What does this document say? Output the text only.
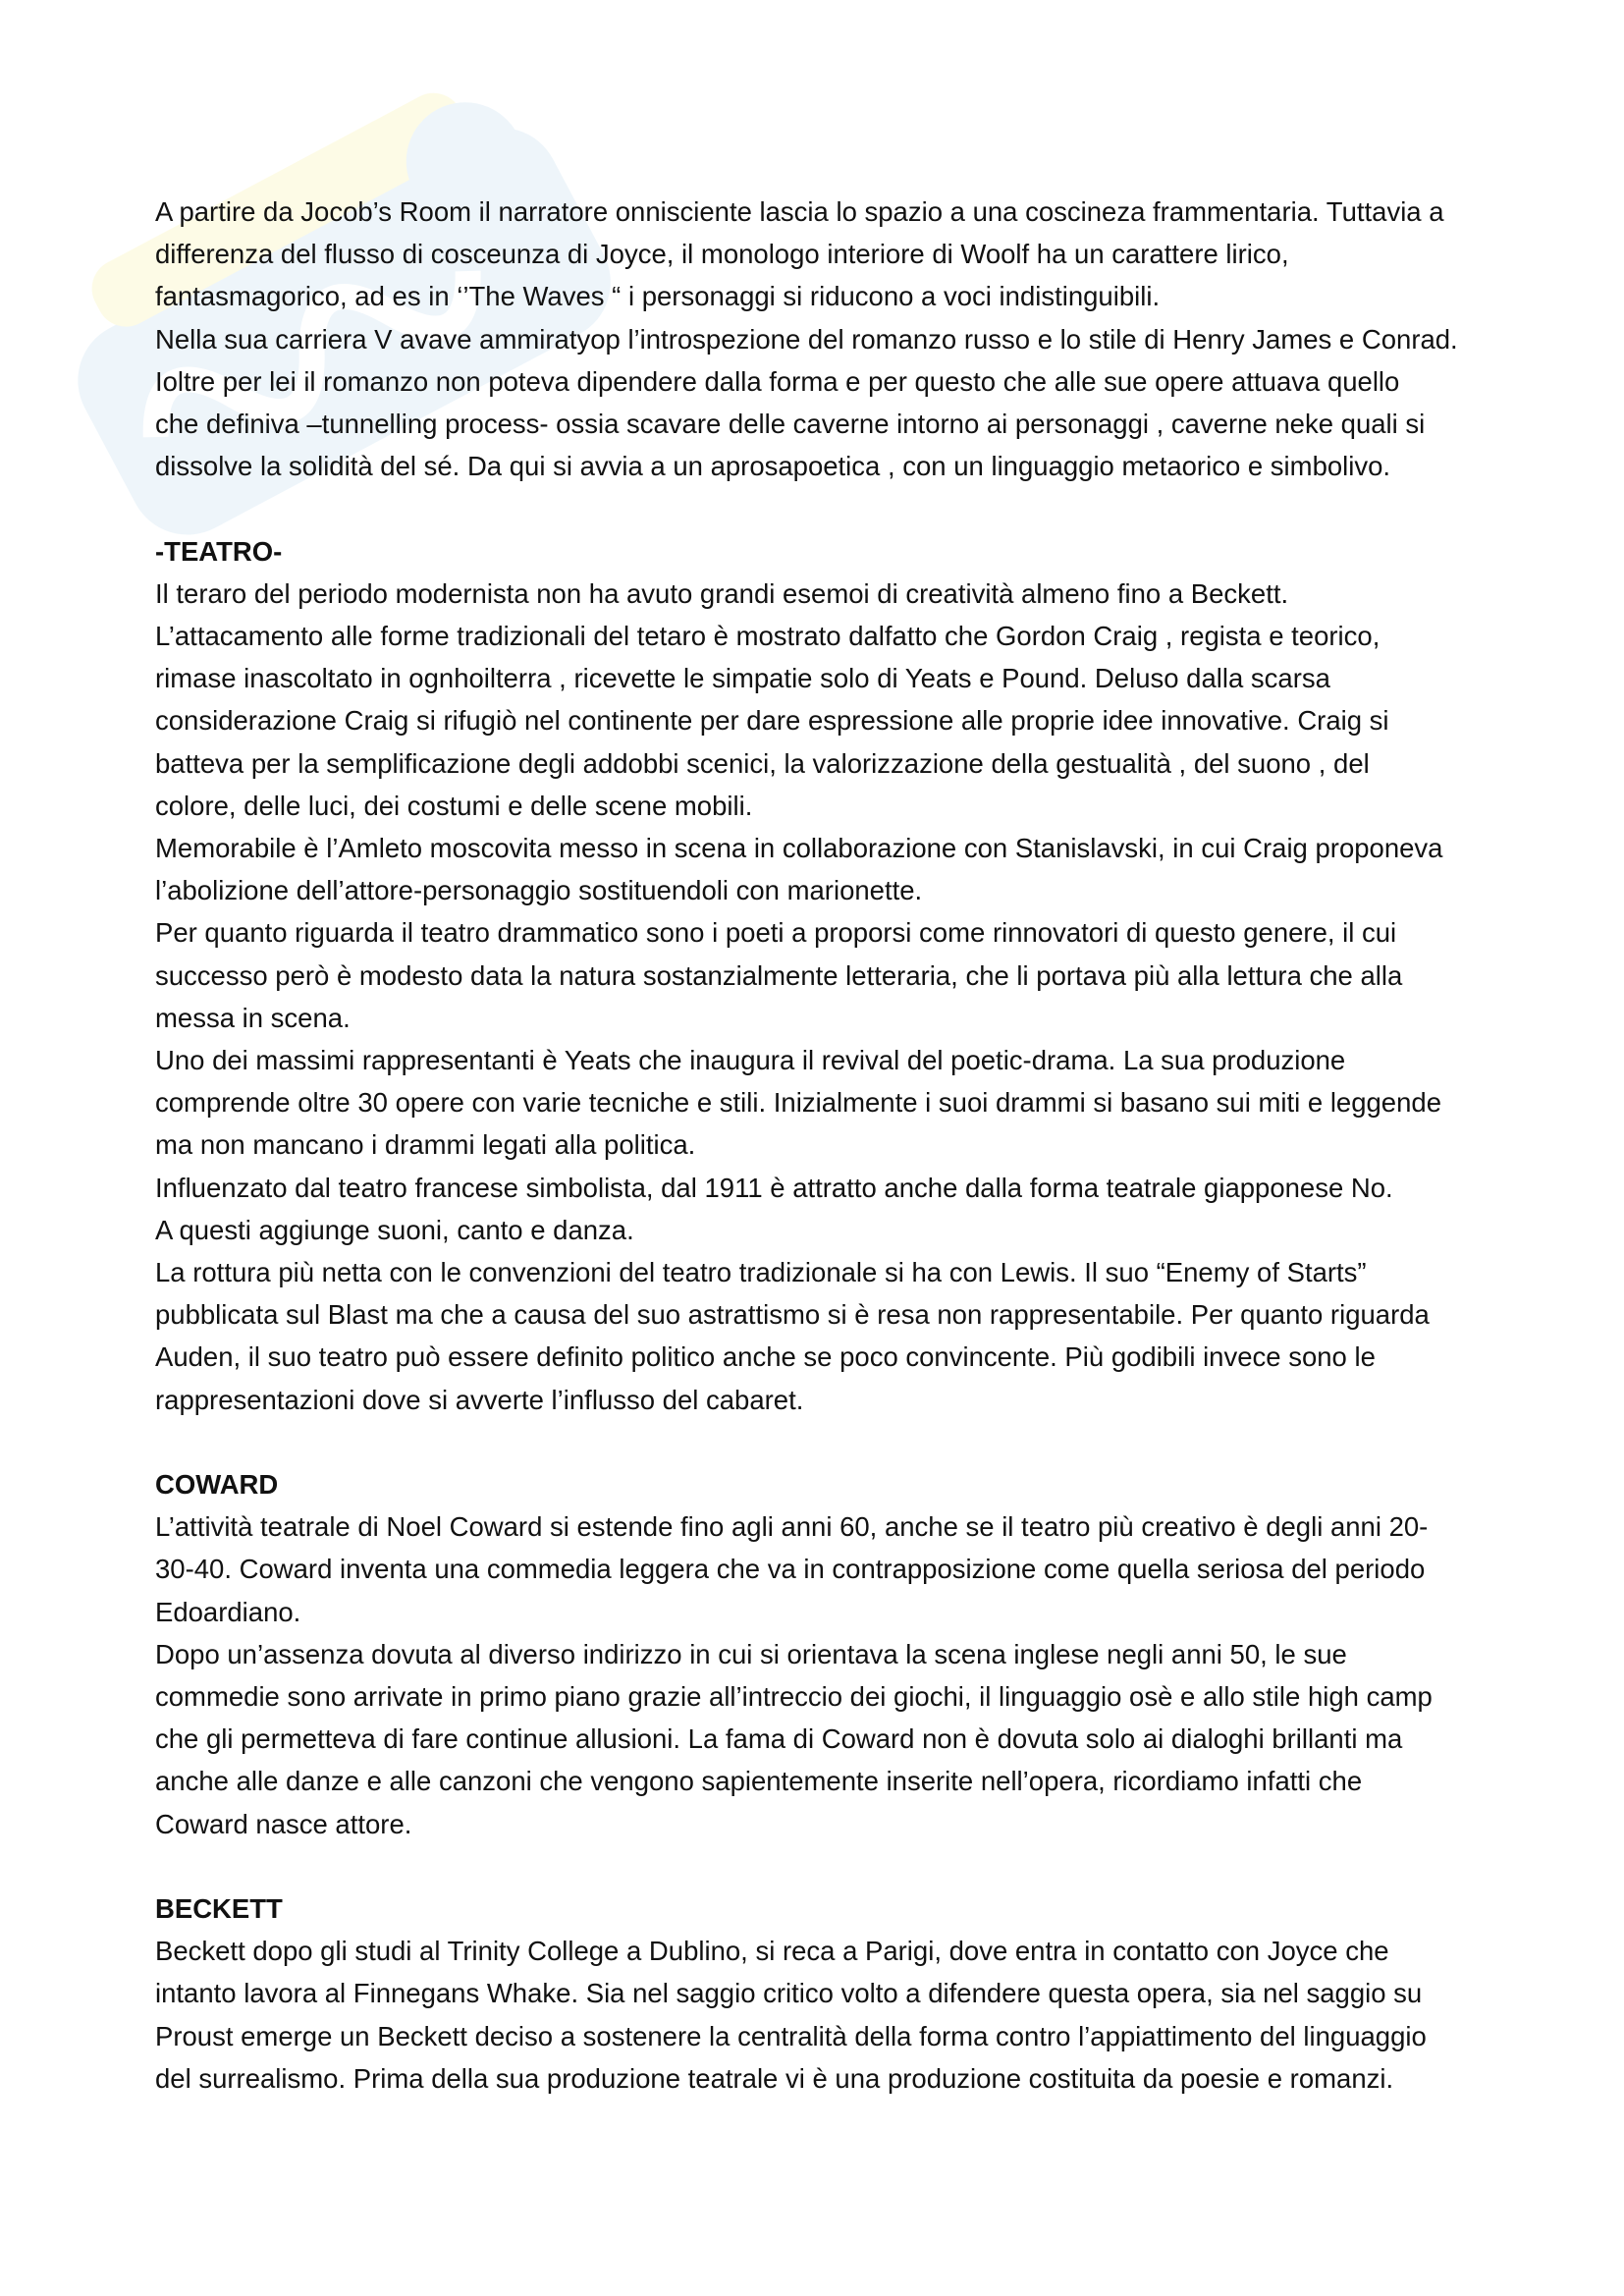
A partire da Jocob’s Room il narratore onnisciente lascia lo spazio a una coscineza frammentaria. Tuttavia a
differenza del flusso di cosceunza di Joyce, il monologo interiore di Woolf ha un carattere lirico,
fantasmagorico, ad es in ‘’The Waves “ i personaggi si riducono a voci indistinguibili.
Nella sua carriera V avave ammiratyop l’introspezione del romanzo russo e lo stile di Henry James e Conrad.
Ioltre per lei il romanzo non poteva dipendere dalla forma e per questo che alle sue opere attuava quello
che definiva –tunnelling process- ossia scavare delle caverne intorno ai personaggi , caverne neke quali si
dissolve la solidità del sé. Da qui si avvia a un aprosapoetica , con un linguaggio metaorico e simbolivo.

-TEATRO-

Il teraro del periodo modernista non ha avuto grandi esemoi di creatività almeno fino a Beckett.
L’attacamento alle forme tradizionali del tetaro è mostrato dalfatto che Gordon Craig , regista e teorico,
rimase inascoltato in ognhoilterra , ricevette le simpatie solo di Yeats e Pound. Deluso dalla scarsa
considerazione Craig si rifugiò nel continente per dare espressione alle proprie idee innovative. Craig si
batteva per la semplificazione degli addobbi scenici, la valorizzazione della gestualità , del suono , del
colore, delle luci, dei costumi e delle scene mobili.
Memorabile è l’Amleto moscovita messo in scena in collaborazione con Stanislavski, in cui Craig proponeva
l’abolizione dell’attore-personaggio sostituendoli con marionette.
Per quanto riguarda il teatro drammatico sono i poeti a proporsi come rinnovatori di questo genere, il cui
successo però è modesto data la natura sostanzialmente letteraria, che li portava più alla lettura che alla
messa in scena.
Uno dei massimi rappresentanti è Yeats che inaugura il revival del poetic-drama. La sua produzione
comprende oltre 30 opere con varie tecniche e stili. Inizialmente i suoi drammi si basano sui miti e leggende
ma non mancano i drammi legati alla politica.
Influenzato dal teatro francese simbolista, dal 1911 è attratto anche dalla forma teatrale giapponese No.
A questi aggiunge suoni, canto e danza.
La rottura più netta con le convenzioni del teatro tradizionale si ha con Lewis. Il suo “Enemy of Starts”
pubblicata sul Blast ma che a causa del suo astrattismo si è resa non rappresentabile. Per quanto riguarda
Auden, il suo teatro può essere definito politico anche se poco convincente. Più godibili invece sono le
rappresentazioni dove si avverte l’influsso del cabaret.

COWARD

L’attività teatrale di Noel Coward si estende fino agli anni 60, anche se il teatro più creativo è degli anni 20-
30-40. Coward inventa una commedia leggera che va in contrapposizione come quella seriosa del periodo
Edoardiano.
Dopo un’assenza dovuta al diverso indirizzo in cui si orientava la scena inglese negli anni 50, le sue
commedie sono arrivate in primo piano grazie all’intreccio dei giochi, il linguaggio osè e allo stile high camp
che gli permetteva di fare continue allusioni. La fama di Coward non è dovuta solo ai dialoghi brillanti ma
anche alle danze e alle canzoni che vengono sapientemente inserite nell’opera, ricordiamo infatti che
Coward nasce attore.

BECKETT

Beckett dopo gli studi al Trinity College a Dublino, si reca a Parigi, dove entra in contatto con Joyce che
intanto lavora al Finnegans Whake. Sia nel saggio critico volto a difendere questa opera, sia nel saggio su
Proust emerge un Beckett deciso a sostenere la centralità della forma contro l’appiattimento del linguaggio
del surrealismo. Prima della sua produzione teatrale vi è una produzione costituita da poesie e romanzi.
